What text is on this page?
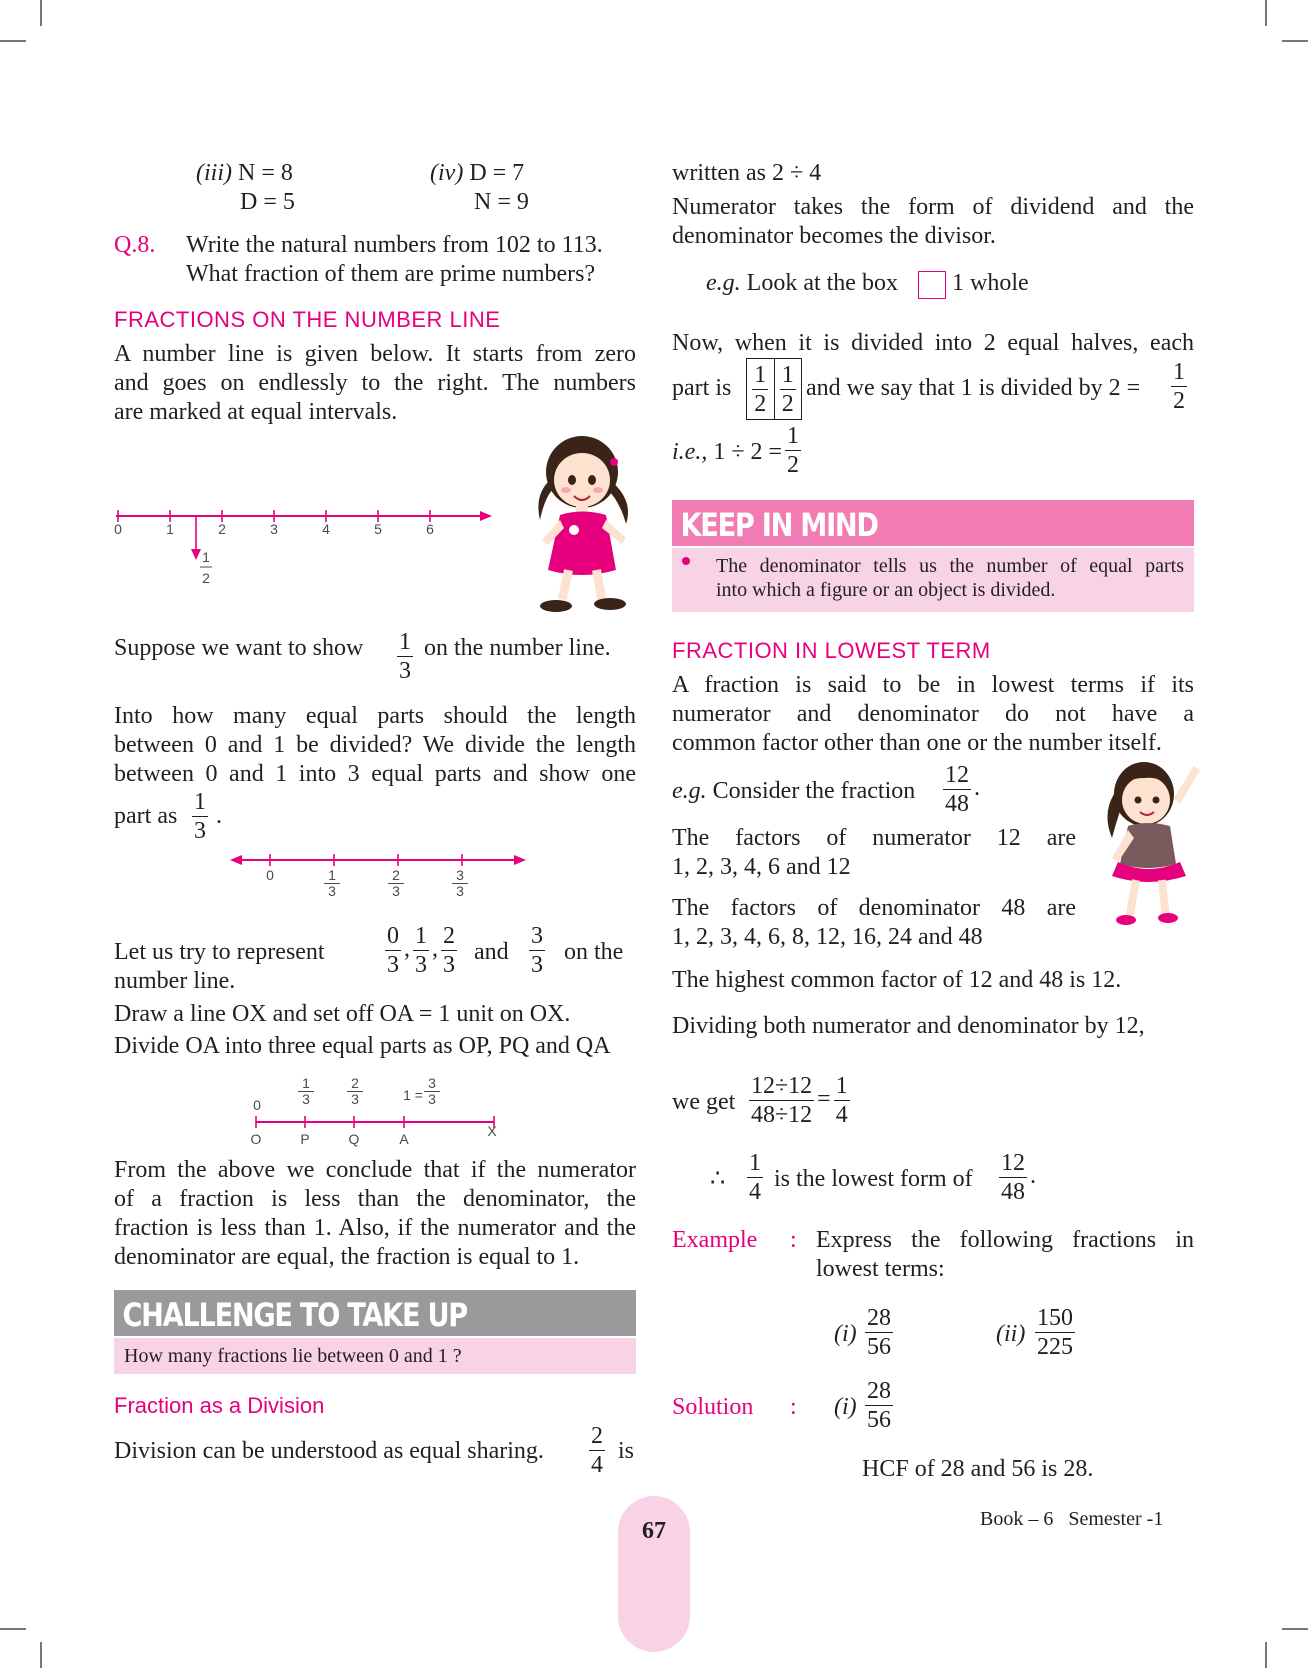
(iii) N = 8
D = 5
(iv) D = 7
N = 9
Q.8. Write the natural numbers from 102 to 113.
What fraction of them are prime numbers?
FRACTIONS ON THE NUMBER LINE
A number line is given below. It starts from zero
and goes on endlessly to the right. The numbers
are marked at equal intervals.
0	1	2	3	4	5	6
1
2
Suppose we want to show $\frac{1}{3}$ on the number line.
Into how many equal parts should the length
between 0 and 1 be divided? We divide the length
between 0 and 1 into 3 equal parts and show one
part as $\frac{1}{3}$ .
0	1
3
2
3
3
3
Let us try to represent	$\frac{0}{3}$ , $\frac{1}{3}$ , $\frac{2}{3}$ and $\frac{3}{3}$ on the
number line.
Draw a line OX and set off OA = 1 unit on OX.
Divide OA into three equal parts as OP, PQ and QA
0
1
3
2
3	1 =
3
3
O	P	Q	A	X
From the above we conclude that if the numerator
of a fraction is less than the denominator, the
fraction is less than 1. Also, if the numerator and the
denominator are equal, the fraction is equal to 1.
CHALLENGE TO TAKE UP
How many fractions lie between 0 and 1 ?
Fraction as a Division
Division can be understood as equal sharing. $\frac{2}{4}$ is
written as 2 ÷ 4
Numerator takes the form of dividend and the
denominator becomes the divisor.
e.g. Look at the box 1 whole
Now, when it is divided into 2 equal halves, each
part is $\frac{1}{2} \frac{1}{2}$ and we say that 1 is divided by $2 = \frac{1}{2}$
i.e., $1 \div 2 = \frac{1}{2}$
KEEP IN MIND
The denominator tells us the number of equal parts
into which a figure or an object is divided.
FRACTION IN LOWEST TERM
A fraction is said to be in lowest terms if its
numerator and denominator do not have a
common factor other than one or the number itself.
e.g. Consider the fraction $\frac{12}{48}$ .
The factors of numerator 12 are
1, 2, 3, 4, 6 and 12
The factors of denominator 48 are
1, 2, 3, 4, 6, 8, 12, 16, 24 and 48
The highest common factor of 12 and 48 is 12.
Dividing both numerator and denominator by 12,
we get $\frac{12\div 12}{48\div 12} = \frac{1}{4}$
∴ $\frac{1}{4}$ is the lowest form of $\frac{12}{48}$ .
Example : Express the following fractions in
lowest terms:
$(i) \frac{28}{56}$	$(ii) \frac{150}{225}$
Solution : $(i) \frac{28}{56}$
HCF of 28 and 56 is 28.
67	Book – 6 Semester -1
